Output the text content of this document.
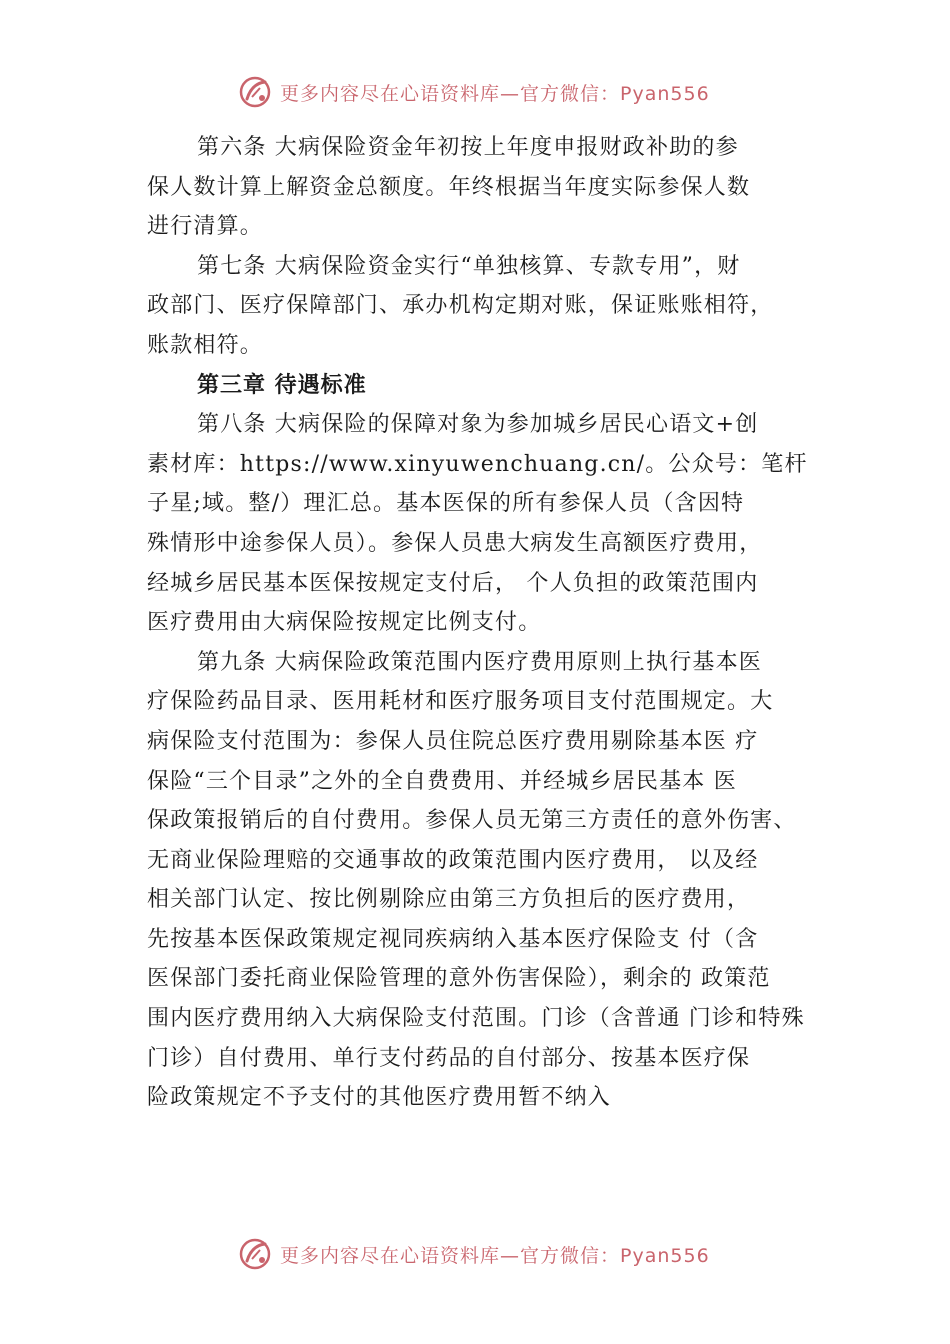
更多内容尽在心语资料库—官方微信：Pyan556
第六条 大病保险资金年初按上年度申报财政补助的参
保人数计算上解资金总额度。年终根据当年度实际参保人数
进行清算。
第七条 大病保险资金实行“单独核算、专款专用”，财
政部门、医疗保障部门、承办机构定期对账，保证账账相符，
账款相符。
第三章 待遇标准
第八条 大病保险的保障对象为参加城乡居民心语文+创
素材库：https://www.xinyuwenchuang.cn/。公众号：笔杆
子星;域。整/）理汇总。基本医保的所有参保人员（含因特
殊情形中途参保人员）。参保人员患大病发生高额医疗费用，
经城乡居民基本医保按规定支付后， 个人负担的政策范围内
医疗费用由大病保险按规定比例支付。
第九条 大病保险政策范围内医疗费用原则上执行基本医
疗保险药品目录、医用耗材和医疗服务项目支付范围规定。大
病保险支付范围为：参保人员住院总医疗费用剔除基本医 疗
保险“三个目录”之外的全自费费用、并经城乡居民基本 医
保政策报销后的自付费用。参保人员无第三方责任的意外伤害、
无商业保险理赔的交通事故的政策范围内医疗费用， 以及经
相关部门认定、按比例剔除应由第三方负担后的医疗费用，
先按基本医保政策规定视同疾病纳入基本医疗保险支 付（含
医保部门委托商业保险管理的意外伤害保险），剩余的 政策范
围内医疗费用纳入大病保险支付范围。门诊（含普通 门诊和特殊
门诊）自付费用、单行支付药品的自付部分、按基本医疗保
险政策规定不予支付的其他医疗费用暂不纳入
更多内容尽在心语资料库—官方微信：Pyan556
